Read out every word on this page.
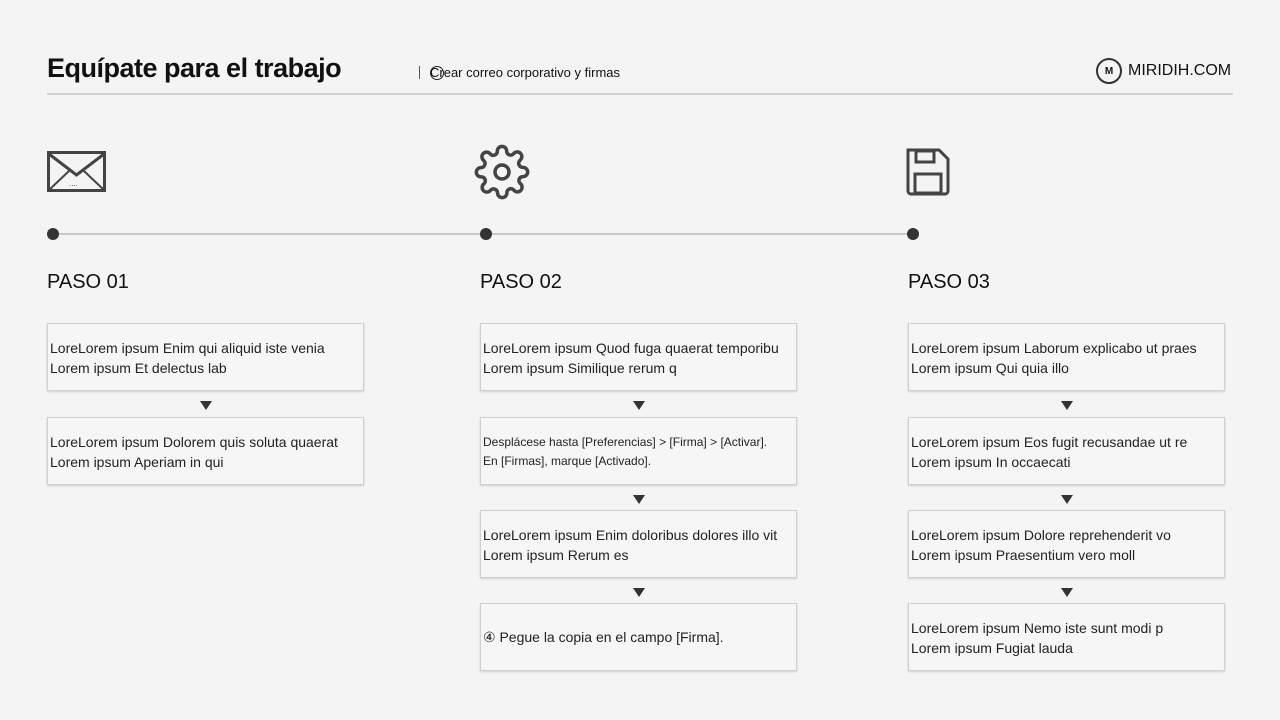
Equípate para el trabajo	Crear correo corporativo y firmas	M MIRIDIH.COM
....
PASO 01
LoreLorem ipsum Enim qui aliquid iste venia
Lorem ipsum Et delectus lab
LoreLorem ipsum Dolorem quis soluta quaerat
Lorem ipsum Aperiam in qui
PASO 02
LoreLorem ipsum Quod fuga quaerat temporibu
Lorem ipsum Similique rerum q
Desplácese hasta [Preferencias] > [Firma] > [Activar].
En [Firmas], marque [Activado].
LoreLorem ipsum Enim doloribus dolores illo vit
Lorem ipsum Rerum es
④ Pegue la copia en el campo [Firma].
PASO 03
LoreLorem ipsum Laborum explicabo ut praes
Lorem ipsum Qui quia illo
LoreLorem ipsum Eos fugit recusandae ut re
Lorem ipsum In occaecati
LoreLorem ipsum Dolore reprehenderit vo
Lorem ipsum Praesentium vero moll
LoreLorem ipsum Nemo iste sunt modi p
Lorem ipsum Fugiat lauda
